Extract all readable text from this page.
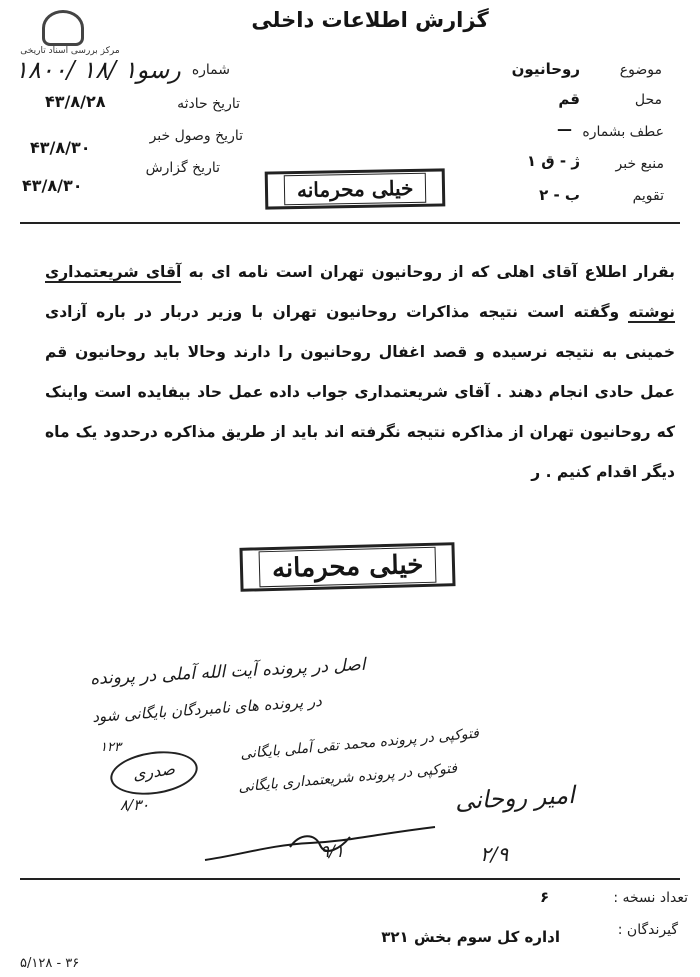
مرکز بررسی اسناد تاریخی
گزارش اطلاعات داخلی
شماره
۱۸۰۰/ ۱۸/ ۱رسو
تاریخ حادثه
۴۳/۸/۲۸
تاریخ وصول خبر
۴۳/۸/۳۰
تاریخ گزارش
۴۳/۸/۳۰
موضوع
روحانیون
محل
قم
عطف بشماره
—
منبع خبر
ژ - ق ۱
تقویم
ب - ۲
خیلی محرمانه
بقرار اطلاع آقای اهلی که از روحانیون تهران است نامه ای به آقای شریعتمداری نوشته وگفته است نتیجه مذاکرات روحانیون تهران با وزیر دربار در باره آزادی خمینی به نتیجه نرسیده و قصد اغفال روحانیون را دارند وحالا باید روحانیون قم عمل حادی انجام دهند . آقای شریعتمداری جواب داده عمل حاد بیفایده است واینک که روحانیون تهران از مذاکره نتیجه نگرفته اند باید از طریق مذاکره درحدود یک ماه دیگر اقدام کنیم . ر
خیلی محرمانه
اصل در پرونده آیت الله آملی در پرونده
در پرونده های نامبردگان بایگانی شود
فتوکپی در پرونده محمد تقی آملی بایگانی
فتوکپی در پرونده شریعتمداری بایگانی
صدری
۱۲۳
۸/۳۰	امیر روحانی
۹/۱	۲/۹
تعداد نسخه :
۶
گیرندگان :
اداره کل سوم بخش ۳۲۱
۵/۱۲۸ - ۳۶
